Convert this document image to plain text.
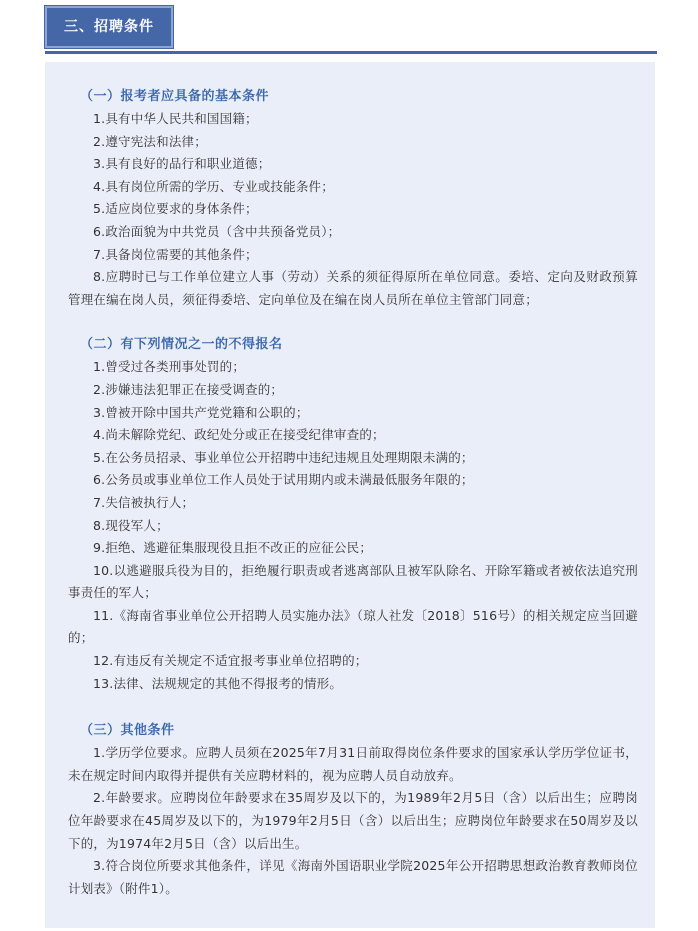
三、招聘条件
（一）报考者应具备的基本条件
1.具有中华人民共和国国籍；
2.遵守宪法和法律；
3.具有良好的品行和职业道德；
4.具有岗位所需的学历、专业或技能条件；
5.适应岗位要求的身体条件；
6.政治面貌为中共党员（含中共预备党员）；
7.具备岗位需要的其他条件；
8.应聘时已与工作单位建立人事（劳动）关系的须征得原所在单位同意。委培、定向及财政预算管理在编在岗人员，须征得委培、定向单位及在编在岗人员所在单位主管部门同意；
（二）有下列情况之一的不得报名
1.曾受过各类刑事处罚的；
2.涉嫌违法犯罪正在接受调查的；
3.曾被开除中国共产党党籍和公职的；
4.尚未解除党纪、政纪处分或正在接受纪律审查的；
5.在公务员招录、事业单位公开招聘中违纪违规且处理期限未满的；
6.公务员或事业单位工作人员处于试用期内或未满最低服务年限的；
7.失信被执行人；
8.现役军人；
9.拒绝、逃避征集服现役且拒不改正的应征公民；
10.以逃避服兵役为目的，拒绝履行职责或者逃离部队且被军队除名、开除军籍或者被依法追究刑事责任的军人；
11.《海南省事业单位公开招聘人员实施办法》（琼人社发〔2018〕516号）的相关规定应当回避的；
12.有违反有关规定不适宜报考事业单位招聘的；
13.法律、法规规定的其他不得报考的情形。
（三）其他条件
1.学历学位要求。应聘人员须在2025年7月31日前取得岗位条件要求的国家承认学历学位证书，未在规定时间内取得并提供有关应聘材料的，视为应聘人员自动放弃。
2.年龄要求。应聘岗位年龄要求在35周岁及以下的，为1989年2月5日（含）以后出生；应聘岗位年龄要求在45周岁及以下的，为1979年2月5日（含）以后出生；应聘岗位年龄要求在50周岁及以下的，为1974年2月5日（含）以后出生。
3.符合岗位所要求其他条件，详见《海南外国语职业学院2025年公开招聘思想政治教育教师岗位计划表》（附件1）。
